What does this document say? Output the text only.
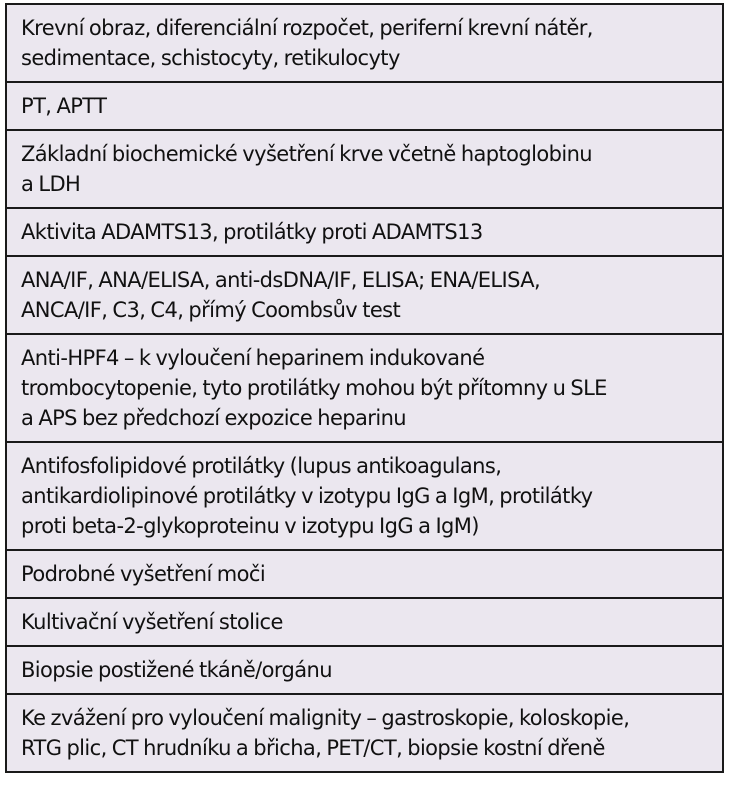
Krevní obraz, diferenciální rozpočet, periferní krevní nátěr,
sedimentace, schistocyty, retikulocyty

PT, APTT

Základní biochemické vyšetření krve včetně haptoglobinu
a LDH

Aktivita ADAMTS13, protilátky proti ADAMTS13

ANA/IF, ANA/ELISA, anti-dsDNA/IF, ELISA; ENA/ELISA,
ANCA/IF, C3, C4, přímý Coombsův test

Anti-HPF4 – k vyloučení heparinem indukované
trombocytopenie, tyto protilátky mohou být přítomny u SLE
a APS bez předchozí expozice heparinu

Antifosfolipidové protilátky (lupus antikoagulans,
antikardiolipinové protilátky v izotypu IgG a IgM, protilátky
proti beta-2-glykoproteinu v izotypu IgG a IgM)

Podrobné vyšetření moči

Kultivační vyšetření stolice

Biopsie postižené tkáně/orgánu

Ke zvážení pro vyloučení malignity – gastroskopie, koloskopie,
RTG plic, CT hrudníku a břicha, PET/CT, biopsie kostní dřeně
